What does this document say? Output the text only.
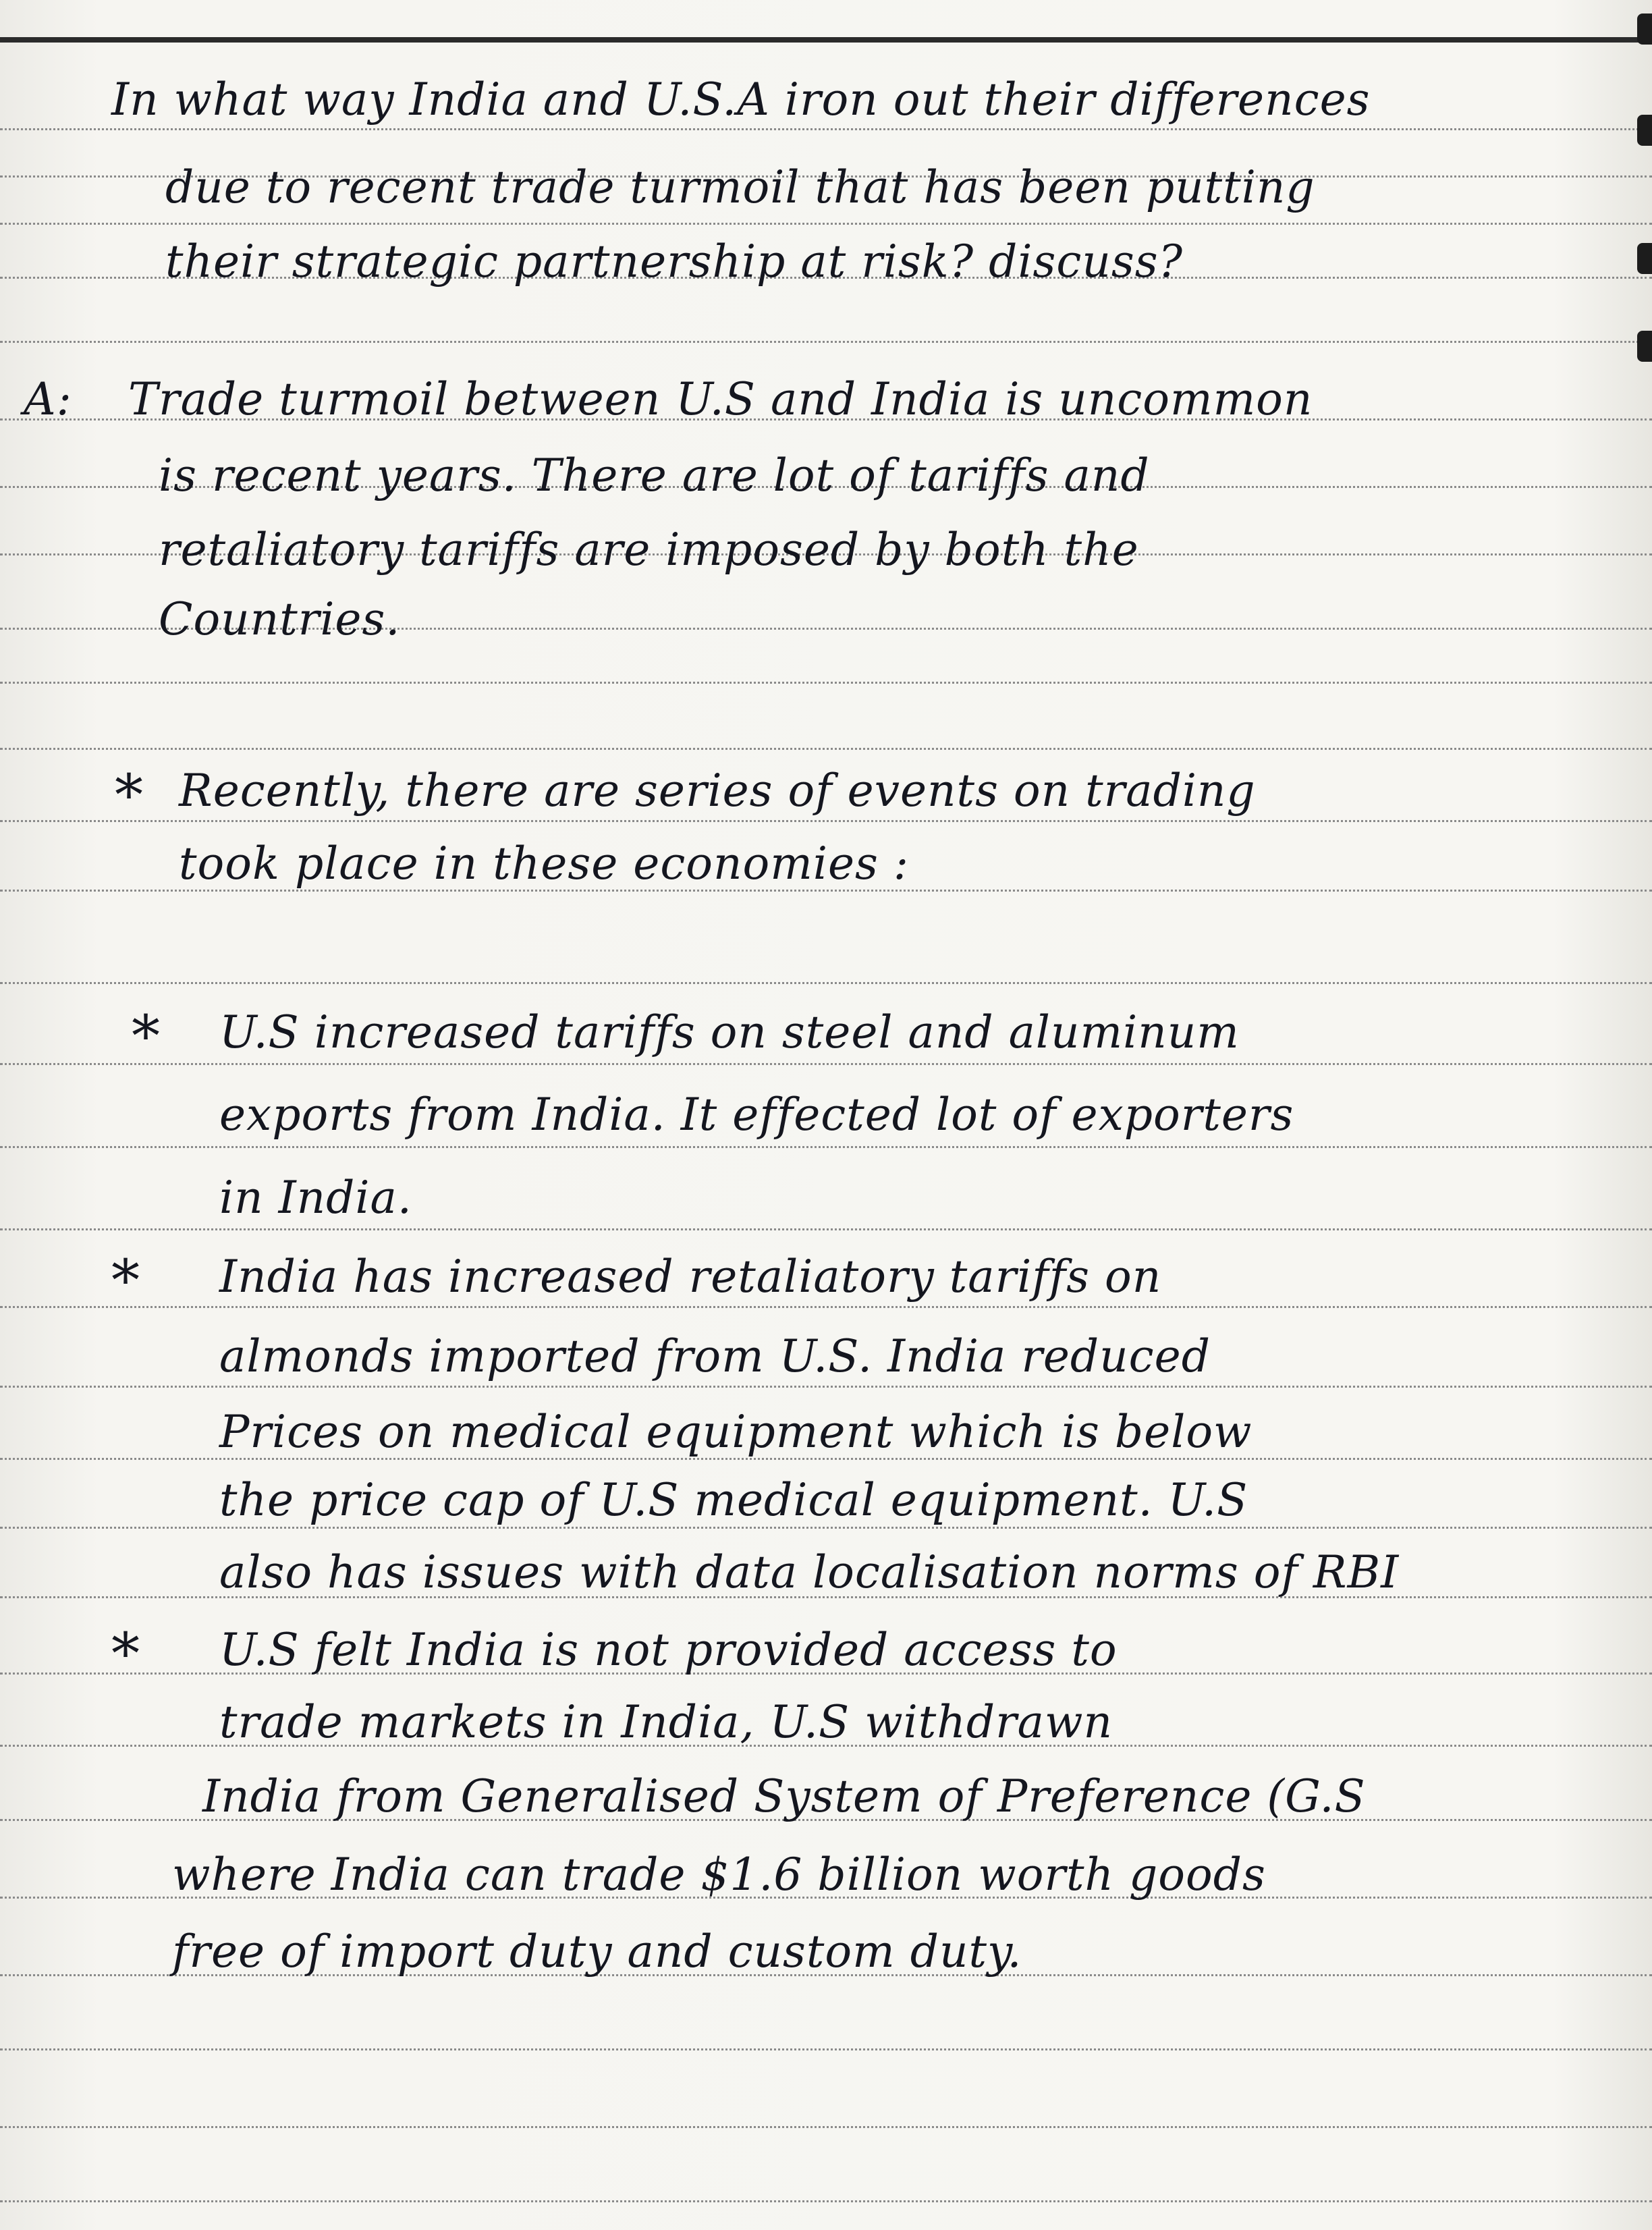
In what way India and U.S.A iron out their differences
due to recent trade turmoil that has been putting
their strategic partnership at risk? discuss?
A: Trade turmoil between U.S and India is uncommon
is recent years. There are lot of tariffs and
retaliatory tariffs are imposed by both the
Countries.
* Recently, there are series of events on trading
took place in these economies :
* U.S increased tariffs on steel and aluminum
exports from India. It effected lot of exporters
in India.
* India has increased retaliatory tariffs on
almonds imported from U.S. India reduced
Prices on medical equipment which is below
the price cap of U.S medical equipment. U.S
also has issues with data localisation norms of RBI
* U.S felt India is not provided access to
trade markets in India, U.S withdrawn
India from Generalised System of Preference (G.S
where India can trade $1.6 billion worth goods
free of import duty and custom duty.
